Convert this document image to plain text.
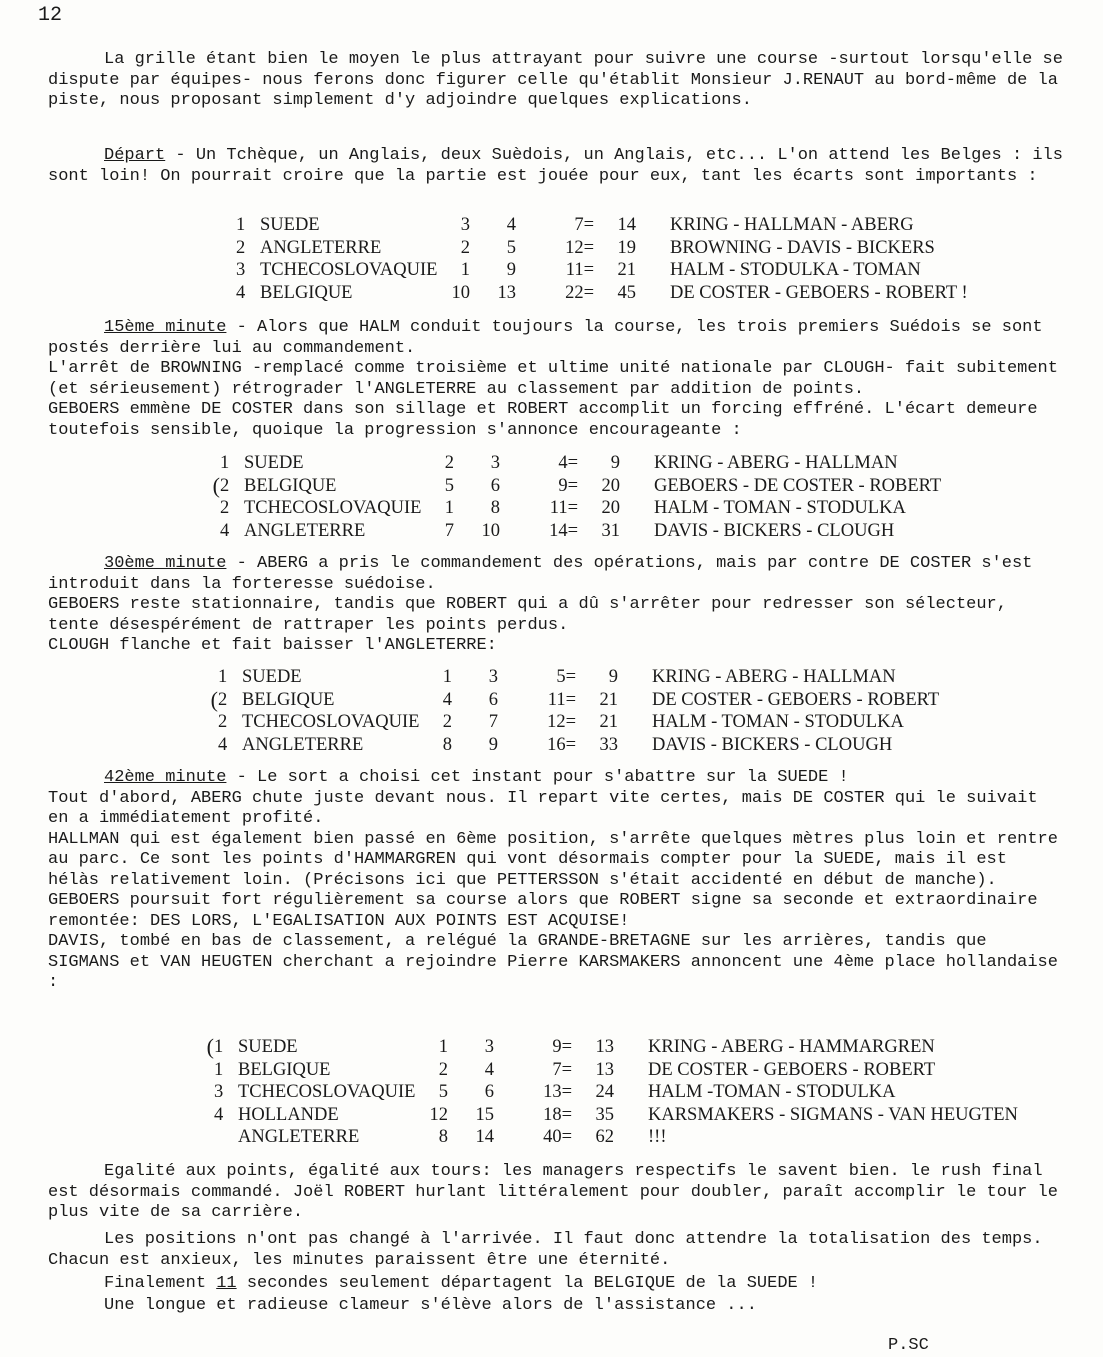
12

La grille étant bien le moyen le plus attrayant pour suivre une course -surtout lorsqu'elle se dispute par équipes- nous ferons donc figurer celle qu'établit Monsieur J.RENAUT au bord-même de la piste, nous proposant simplement d'y adjoindre quelques explications.

Départ - Un Tchèque, un Anglais, deux Suèdois, un Anglais, etc... L'on attend les Belges : ils sont loin! On pourrait croire que la partie est jouée pour eux, tant les écarts sont importants :

	1	SUEDE	3	4	7=	14	KRING - HALLMAN - ABERG
	2	ANGLETERRE	2	5	12=	19	BROWNING - DAVIS - BICKERS
	3	TCHECOSLOVAQUIE	1	9	11=	21	HALM - STODULKA - TOMAN
	4	BELGIQUE	10	13	22=	45	DE COSTER - GEBOERS - ROBERT !

15ème minute - Alors que HALM conduit toujours la course, les trois premiers Suédois se sont postés derrière lui au commandement.
L'arrêt de BROWNING -remplacé comme troisième et ultime unité nationale par CLOUGH- fait subitement (et sérieusement) rétrograder l'ANGLETERRE au classement par addition de points.
GEBOERS emmène DE COSTER dans son sillage et ROBERT accomplit un forcing effréné. L'écart demeure toutefois sensible, quoique la progression s'annonce encourageante :

	1	SUEDE	2	3	4=	9	KRING - ABERG - HALLMAN
(	2	BELGIQUE	5	6	9=	20	GEBOERS - DE COSTER - ROBERT
	2	TCHECOSLOVAQUIE	1	8	11=	20	HALM - TOMAN - STODULKA
	4	ANGLETERRE	7	10	14=	31	DAVIS - BICKERS - CLOUGH

30ème minute - ABERG a pris le commandement des opérations, mais par contre DE COSTER s'est introduit dans la forteresse suédoise.
GEBOERS reste stationnaire, tandis que ROBERT qui a dû s'arrêter pour redresser son sélecteur, tente désespérément de rattraper les points perdus.
CLOUGH flanche et fait baisser l'ANGLETERRE:

	1	SUEDE	1	3	5=	9	KRING - ABERG - HALLMAN
(	2	BELGIQUE	4	6	11=	21	DE COSTER - GEBOERS - ROBERT
	2	TCHECOSLOVAQUIE	2	7	12=	21	HALM - TOMAN - STODULKA
	4	ANGLETERRE	8	9	16=	33	DAVIS - BICKERS - CLOUGH

42ème minute - Le sort a choisi cet instant pour s'abattre sur la SUEDE !
Tout d'abord, ABERG chute juste devant nous. Il repart vite certes, mais DE COSTER qui le suivait en a immédiatement profité.
HALLMAN qui est également bien passé en 6ème position, s'arrête quelques mètres plus loin et rentre au parc. Ce sont les points d'HAMMARGREN qui vont désormais compter pour la SUEDE, mais il est hélàs relativement loin. (Précisons ici que PETTERSSON s'était accidenté en début de manche).
GEBOERS poursuit fort régulièrement sa course alors que ROBERT signe sa seconde et extraordinaire remontée: DES LORS, L'EGALISATION AUX POINTS EST ACQUISE!
DAVIS, tombé en bas de classement, a relégué la GRANDE-BRETAGNE sur les arrières, tandis que SIGMANS et VAN HEUGTEN cherchant a rejoindre Pierre KARSMAKERS annoncent une 4ème place hollandaise :

(	1	SUEDE	1	3	9=	13	KRING - ABERG - HAMMARGREN
	1	BELGIQUE	2	4	7=	13	DE COSTER - GEBOERS - ROBERT
	3	TCHECOSLOVAQUIE	5	6	13=	24	HALM -TOMAN - STODULKA
	4	HOLLANDE	12	15	18=	35	KARSMAKERS - SIGMANS - VAN HEUGTEN
		ANGLETERRE	8	14	40=	62	!!!

Egalité aux points, égalité aux tours: les managers respectifs le savent bien. le rush final est désormais commandé. Joël ROBERT hurlant littéralement pour doubler, paraît accomplir le tour le plus vite de sa carrière.

Les positions n'ont pas changé à l'arrivée. Il faut donc attendre la totalisation des temps. Chacun est anxieux, les minutes paraissent être une éternité.

Finalement 11 secondes seulement départagent la BELGIQUE de la SUEDE !

Une longue et radieuse clameur s'élève alors de l'assistance ...

P.SC
